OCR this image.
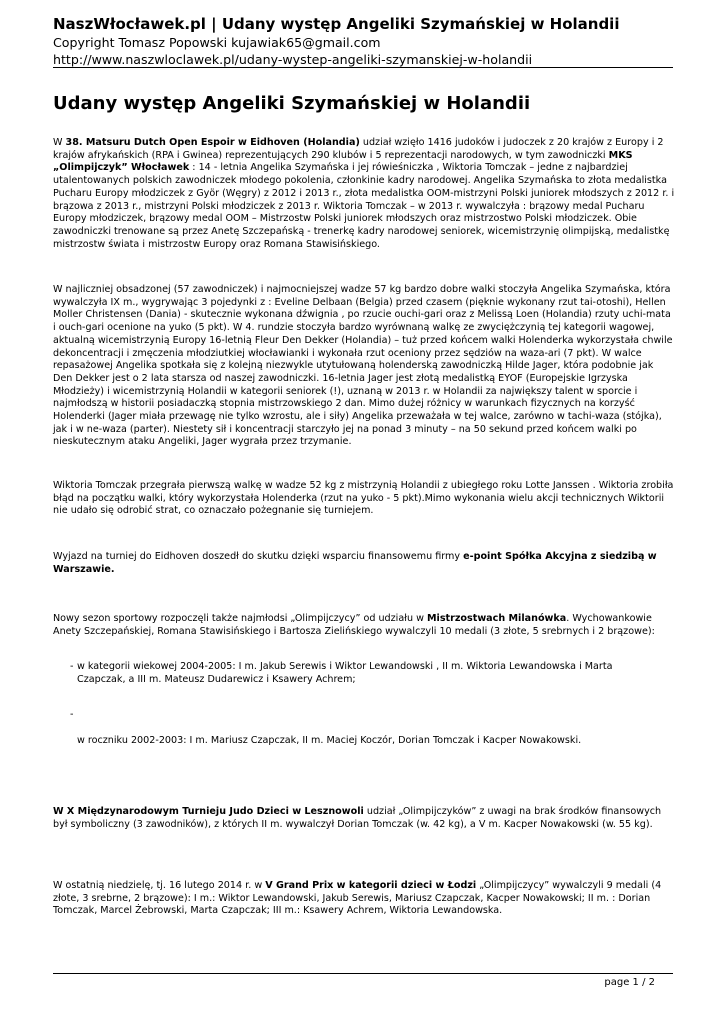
NaszWłocławek.pl | Udany występ Angeliki Szymańskiej w Holandii
Copyright Tomasz Popowski kujawiak65@gmail.com
http://www.naszwloclawek.pl/udany-wystep-angeliki-szymanskiej-w-holandii
Udany występ Angeliki Szymańskiej w Holandii
W 38. Matsuru Dutch Open Espoir w Eidhoven (Holandia) udział wzięło 1416 judoków i judoczek z 20 krajów z Europy i 2 krajów afrykańskich (RPA i Gwinea) reprezentujących 290 klubów i 5 reprezentacji narodowych, w tym zawodniczki MKS „Olimpijczyk” Włocławek : 14 - letnia Angelika Szymańska i jej rówieśniczka , Wiktoria Tomczak – jedne z najbardziej utalentowanych polskich zawodniczek młodego pokolenia, członkinie kadry narodowej. Angelika Szymańska to złota medalistka Pucharu Europy młodziczek z Györ (Węgry) z 2012 i 2013 r., złota medalistka OOM-mistrzyni Polski juniorek młodszych z 2012 r. i brązowa z 2013 r., mistrzyni Polski młodziczek z 2013 r. Wiktoria Tomczak – w 2013 r. wywalczyła : brązowy medal Pucharu Europy młodziczek, brązowy medal OOM – Mistrzostw Polski juniorek młodszych oraz mistrzostwo Polski młodziczek. Obie zawodniczki trenowane są przez Anetę Szczepańską - trenerkę kadry narodowej seniorek, wicemistrzynię olimpijską, medalistkę mistrzostw świata i mistrzostw Europy oraz Romana Stawisińskiego.
W najliczniej obsadzonej (57 zawodniczek) i najmocniejszej wadze 57 kg bardzo dobre walki stoczyła Angelika Szymańska, która wywalczyła IX m., wygrywając 3 pojedynki z : Eveline Delbaan (Belgia) przed czasem (pięknie wykonany rzut tai-otoshi), Hellen Moller Christensen (Dania) - skutecznie wykonana dźwignia , po rzucie ouchi-gari oraz z Melissą Loen (Holandia) rzuty uchi-mata i ouch-gari ocenione na yuko (5 pkt). W 4. rundzie stoczyła bardzo wyrównaną walkę ze zwyciężczynią tej kategorii wagowej, aktualną wicemistrzynią Europy 16-letnią Fleur Den Dekker (Holandia) – tuż przed końcem walki Holenderka wykorzystała chwile dekoncentracji i zmęczenia młodziutkiej włocławianki i wykonała rzut oceniony przez sędziów na waza-ari (7 pkt). W walce repasażowej Angelika spotkała się z kolejną niezwykle utytułowaną holenderską zawodniczką Hilde Jager, która podobnie jak Den Dekker jest o 2 lata starsza od naszej zawodniczki. 16-letnia Jager jest złotą medalistką EYOF (Europejskie Igrzyska Młodzieży) i wicemistrzynią Holandii w kategorii seniorek (!), uznaną w 2013 r. w Holandii za największy talent w sporcie i najmłodszą w historii posiadaczką stopnia mistrzowskiego 2 dan. Mimo dużej różnicy w warunkach fizycznych na korzyść Holenderki (Jager miała przewagę nie tylko wzrostu, ale i siły) Angelika przeważała w tej walce, zarówno w tachi-waza (stójka), jak i w ne-waza (parter). Niestety sił i koncentracji starczyło jej na ponad 3 minuty – na 50 sekund przed końcem walki po nieskutecznym ataku Angeliki, Jager wygrała przez trzymanie.
Wiktoria Tomczak przegrała pierwszą walkę w wadze 52 kg z mistrzynią Holandii z ubiegłego roku Lotte Janssen . Wiktoria zrobiła błąd na początku walki, który wykorzystała Holenderka (rzut na yuko - 5 pkt).Mimo wykonania wielu akcji technicznych Wiktorii nie udało się odrobić strat, co oznaczało pożegnanie się turniejem.
Wyjazd na turniej do Eidhoven doszedł do skutku dzięki wsparciu finansowemu firmy e-point Spółka Akcyjna z siedzibą w Warszawie.
Nowy sezon sportowy rozpoczęli także najmłodsi „Olimpijczycy” od udziału w Mistrzostwach Milanówka. Wychowankowie Anety Szczepańskiej, Romana Stawisińskiego i Bartosza Zielińskiego wywalczyli 10 medali (3 złote, 5 srebrnych i 2 brązowe):
- w kategorii wiekowej 2004-2005: I m. Jakub Serewis i Wiktor Lewandowski , II m. Wiktoria Lewandowska i Marta Czapczak, a III m. Mateusz Dudarewicz i Ksawery Achrem;
-
w roczniku 2002-2003: I m. Mariusz Czapczak, II m. Maciej Koczór, Dorian Tomczak i Kacper Nowakowski.
W X Międzynarodowym Turnieju Judo Dzieci w Lesznowoli udział „Olimpijczyków” z uwagi na brak środków finansowych był symboliczny (3 zawodników), z których II m. wywalczył Dorian Tomczak (w. 42 kg), a V m. Kacper Nowakowski (w. 55 kg).
W ostatnią niedzielę, tj. 16 lutego 2014 r. w V Grand Prix w kategorii dzieci w Łodzi „Olimpijczycy” wywalczyli 9 medali (4 złote, 3 srebrne, 2 brązowe): I m.: Wiktor Lewandowski, Jakub Serewis, Mariusz Czapczak, Kacper Nowakowski; II m. : Dorian Tomczak, Marcel Żebrowski, Marta Czapczak; III m.: Ksawery Achrem, Wiktoria Lewandowska.
page 1 / 2
